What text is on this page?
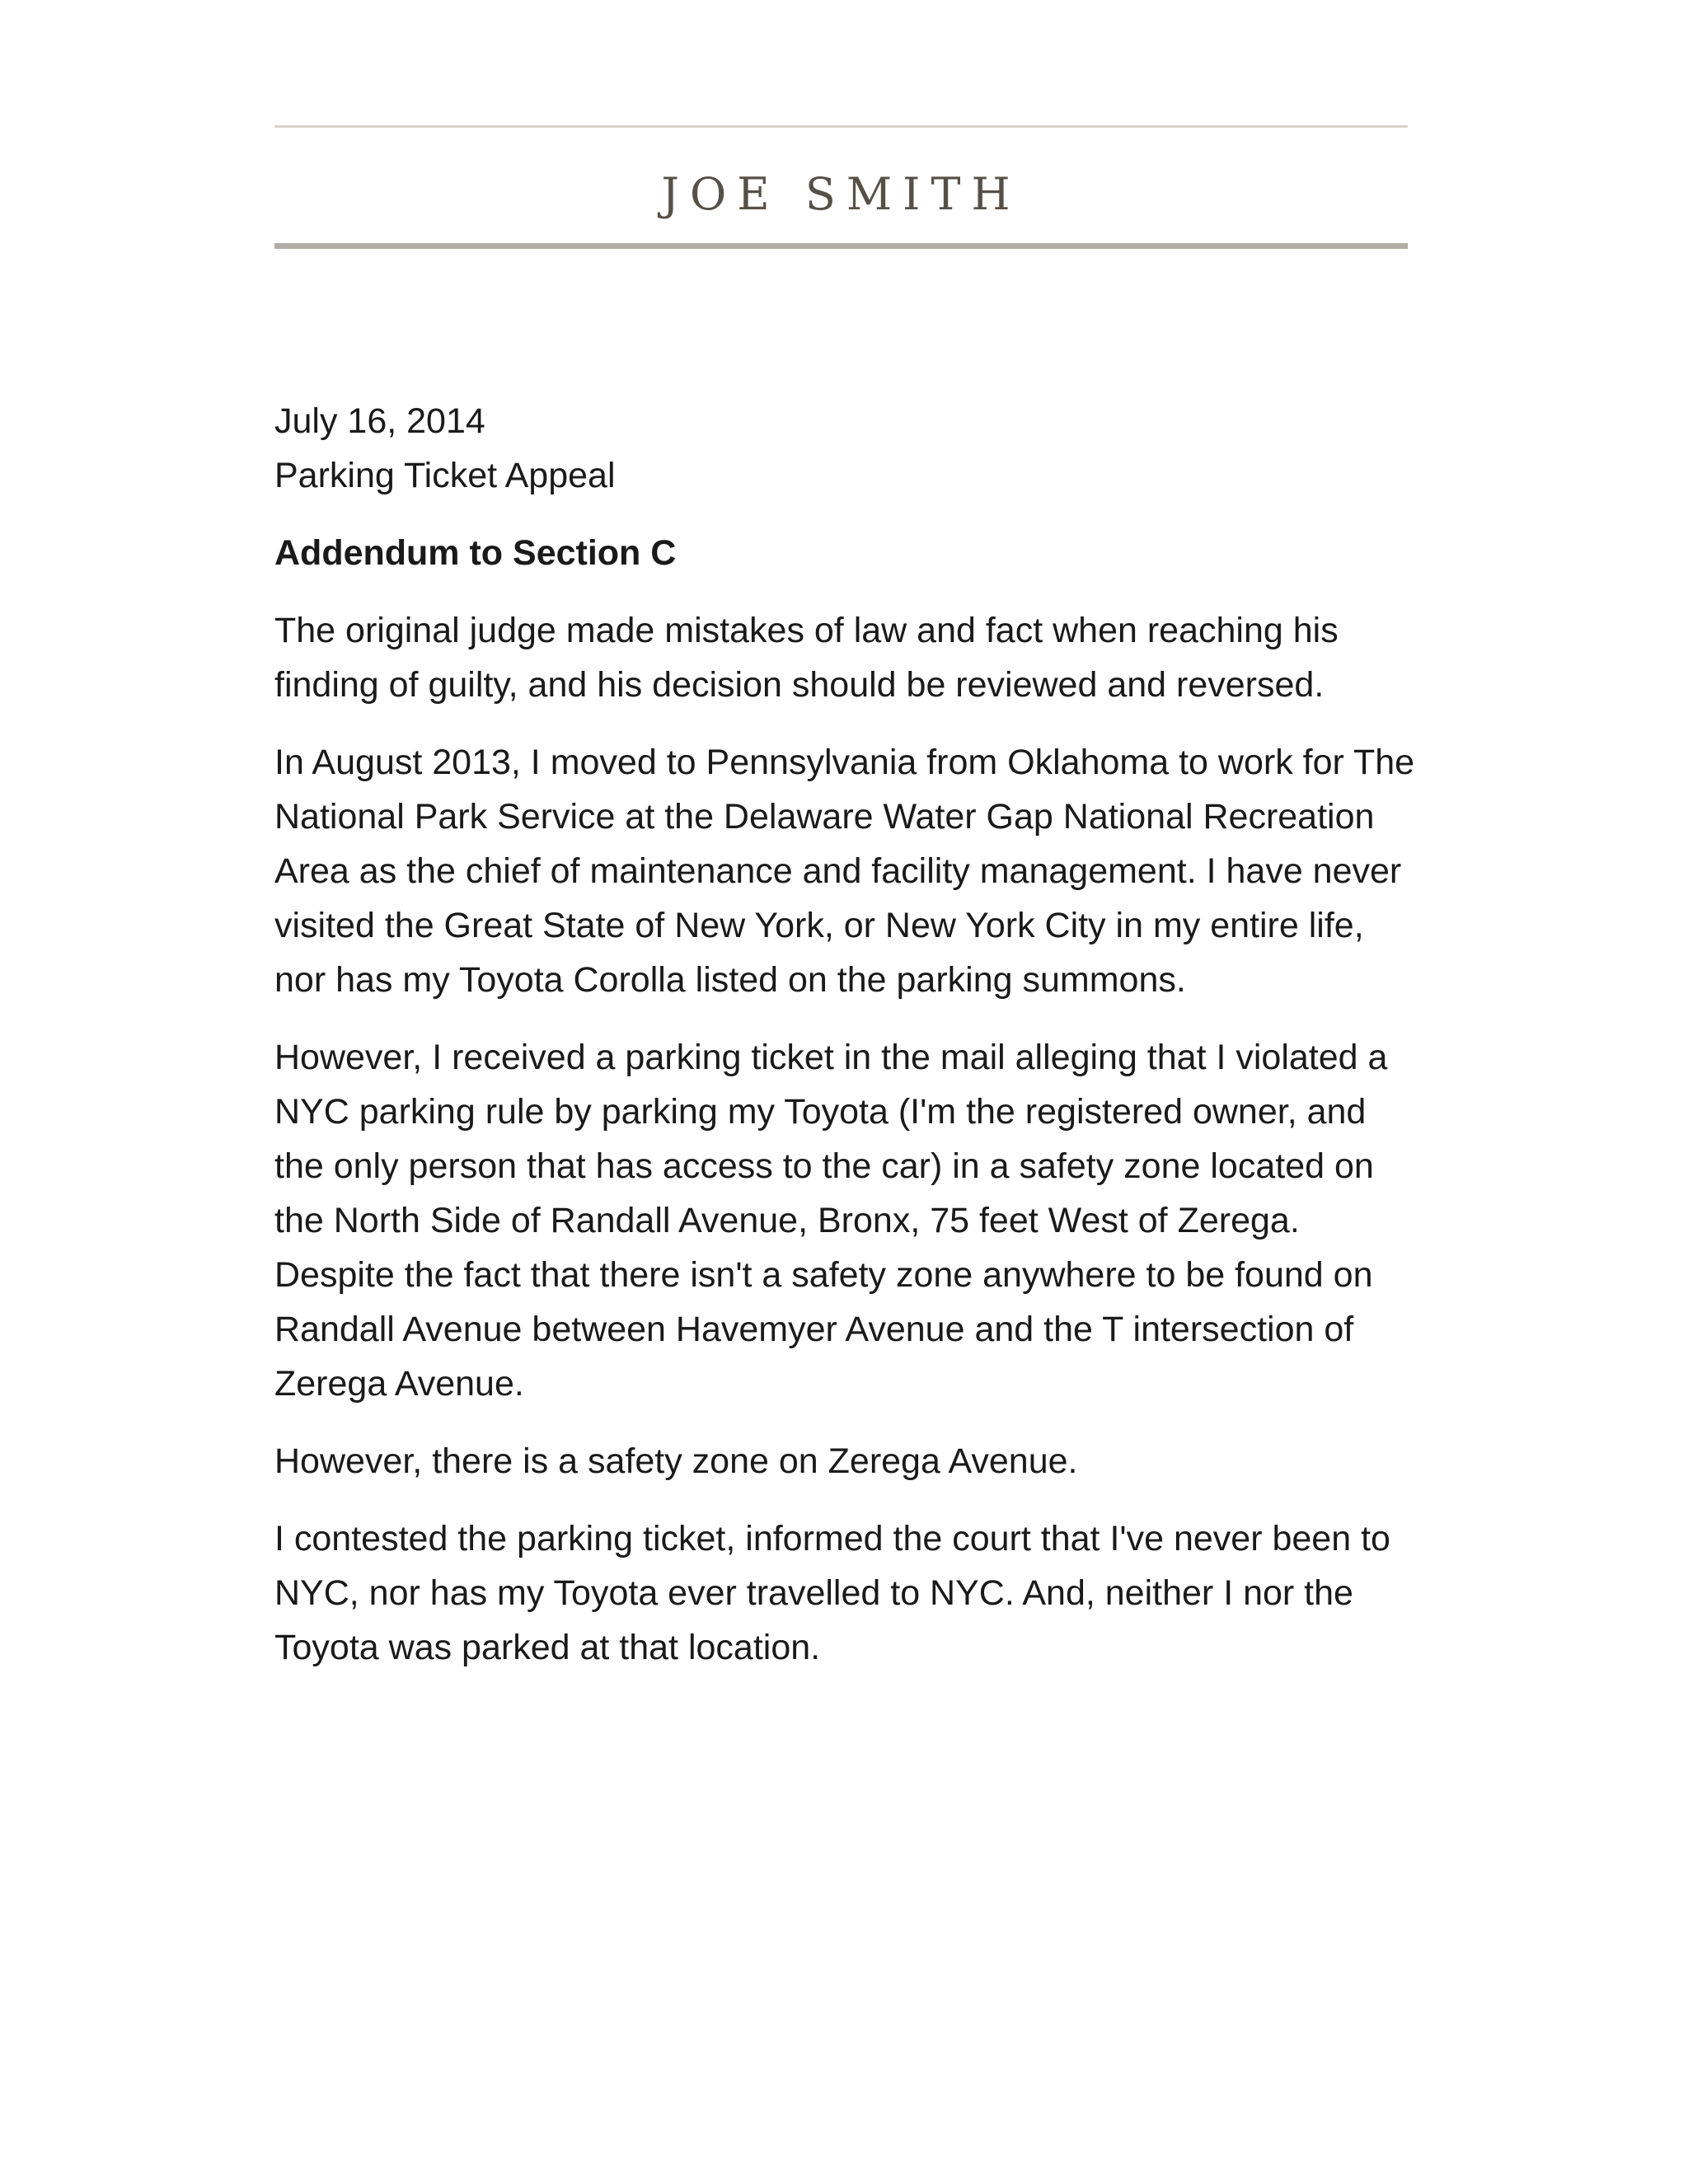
JOE SMITH

July 16, 2014

Parking Ticket Appeal

Addendum to Section C

The original judge made mistakes of law and fact when reaching his finding of guilty, and his decision should be reviewed and reversed.

In August 2013, I moved to Pennsylvania from Oklahoma to work for The National Park Service at the Delaware Water Gap National Recreation Area as the chief of maintenance and facility management. I have never visited the Great State of New York, or New York City in my entire life, nor has my Toyota Corolla listed on the parking summons.

However, I received a parking ticket in the mail alleging that I violated a NYC parking rule by parking my Toyota (I'm the registered owner, and the only person that has access to the car) in a safety zone located on the North Side of Randall Avenue, Bronx, 75 feet West of Zerega. Despite the fact that there isn't a safety zone anywhere to be found on Randall Avenue between Havemyer Avenue and the T intersection of Zerega Avenue.

However, there is a safety zone on Zerega Avenue.

I contested the parking ticket, informed the court that I've never been to NYC, nor has my Toyota ever travelled to NYC. And, neither I nor the Toyota was parked at that location.
